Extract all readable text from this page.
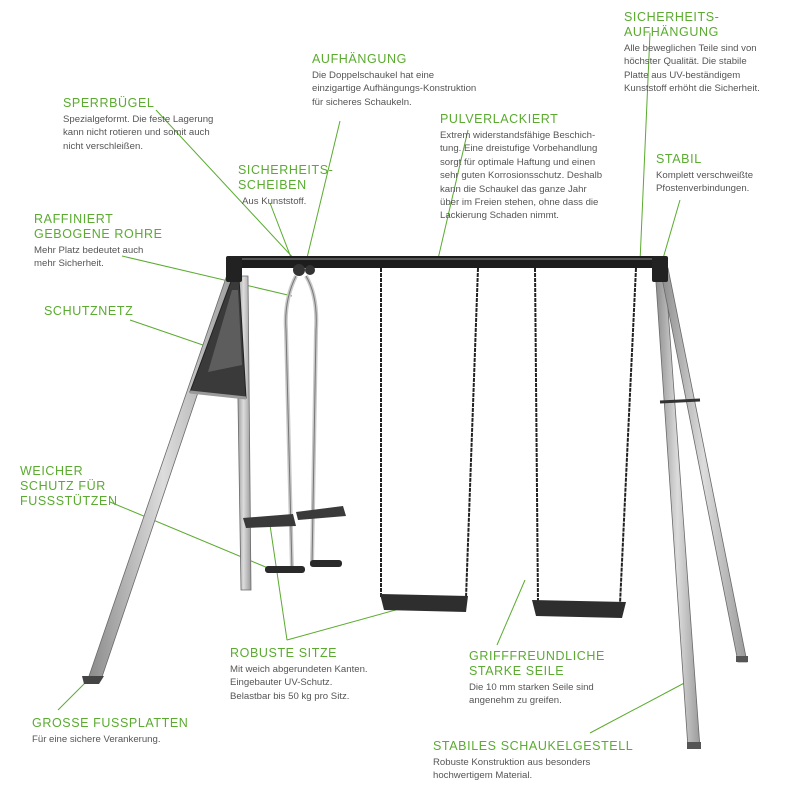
SICHERHEITS-
AUFHÄNGUNG
Alle beweglichen Teile sind von
höchster Qualität. Die stabile
Platte aus UV-beständigem
Kunststoff erhöht die Sicherheit.
AUFHÄNGUNG
Die Doppelschaukel hat eine
einzigartige Aufhängungs-Konstruktion
für sicheres Schaukeln.
SPERRBÜGEL
Spezialgeformt. Die feste Lagerung
kann nicht rotieren und somit auch
nicht verschleißen.
PULVERLACKIERT
Extrem widerstandsfähige Beschich-
tung. Eine dreistufige Vorbehandlung
sorgt für optimale Haftung und einen
sehr guten Korrosionsschutz. Deshalb
kann die Schaukel das ganze Jahr
über im Freien stehen, ohne dass die
Lackierung Schaden nimmt.
STABIL
Komplett verschweißte
Pfostenverbindungen.
SICHERHEITS-
SCHEIBEN
Aus Kunststoff.
RAFFINIERT
GEBOGENE ROHRE
Mehr Platz bedeutet auch
mehr Sicherheit.
SCHUTZNETZ
WEICHER
SCHUTZ FÜR
FUSSSTÜTZEN
ROBUSTE SITZE
Mit weich abgerundeten Kanten.
Eingebauter UV-Schutz.
Belastbar bis 50 kg pro Sitz.
GRIFFFREUNDLICHE
STARKE SEILE
Die 10 mm starken Seile sind
angenehm zu greifen.
GROSSE FUSSPLATTEN
Für eine sichere Verankerung.	STABILES SCHAUKELGESTELL
Robuste Konstruktion aus besonders
hochwertigem Material.
